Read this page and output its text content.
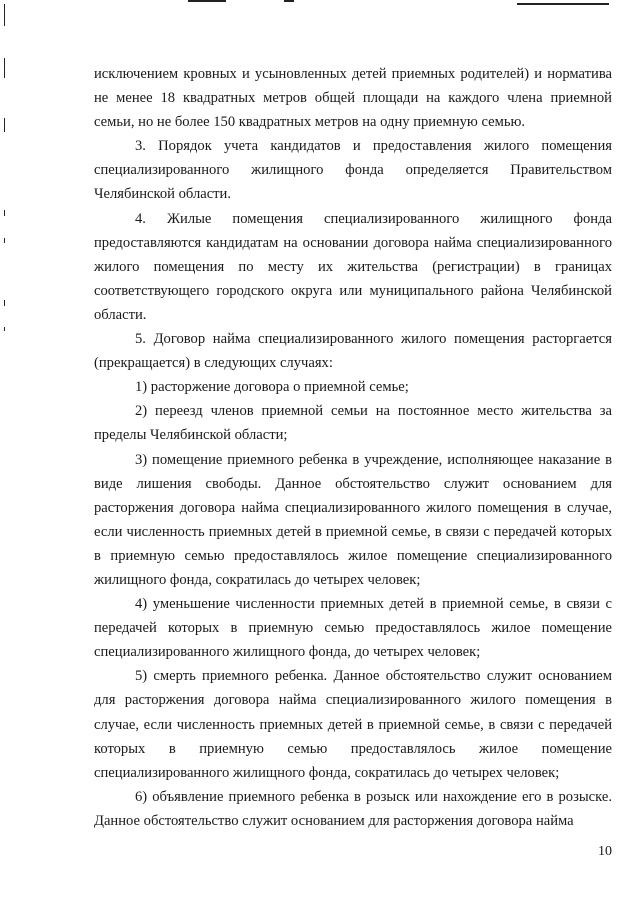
исключением кровных и усыновленных детей приемных родителей) и норматива не менее 18 квадратных метров общей площади на каждого члена приемной семьи, но не более 150 квадратных метров на одну приемную семью.

3. Порядок учета кандидатов и предоставления жилого помещения специализированного жилищного фонда определяется Правительством Челябинской области.

4. Жилые помещения специализированного жилищного фонда предоставляются кандидатам на основании договора найма специализированного жилого помещения по месту их жительства (регистрации) в границах соответствующего городского округа или муниципального района Челябинской области.

5. Договор найма специализированного жилого помещения расторгается (прекращается) в следующих случаях:

1) расторжение договора о приемной семье;

2) переезд членов приемной семьи на постоянное место жительства за пределы Челябинской области;

3) помещение приемного ребенка в учреждение, исполняющее наказание в виде лишения свободы. Данное обстоятельство служит основанием для расторжения договора найма специализированного жилого помещения в случае, если численность приемных детей в приемной семье, в связи с передачей которых в приемную семью предоставлялось жилое помещение специализированного жилищного фонда, сократилась до четырех человек;

4) уменьшение численности приемных детей в приемной семье, в связи с передачей которых в приемную семью предоставлялось жилое помещение специализированного жилищного фонда, до четырех человек;

5) смерть приемного ребенка. Данное обстоятельство служит основанием для расторжения договора найма специализированного жилого помещения в случае, если численность приемных детей в приемной семье, в связи с передачей которых в приемную семью предоставлялось жилое помещение специализированного жилищного фонда, сократилась до четырех человек;

6) объявление приемного ребенка в розыск или нахождение его в розыске. Данное обстоятельство служит основанием для расторжения договора найма

10
